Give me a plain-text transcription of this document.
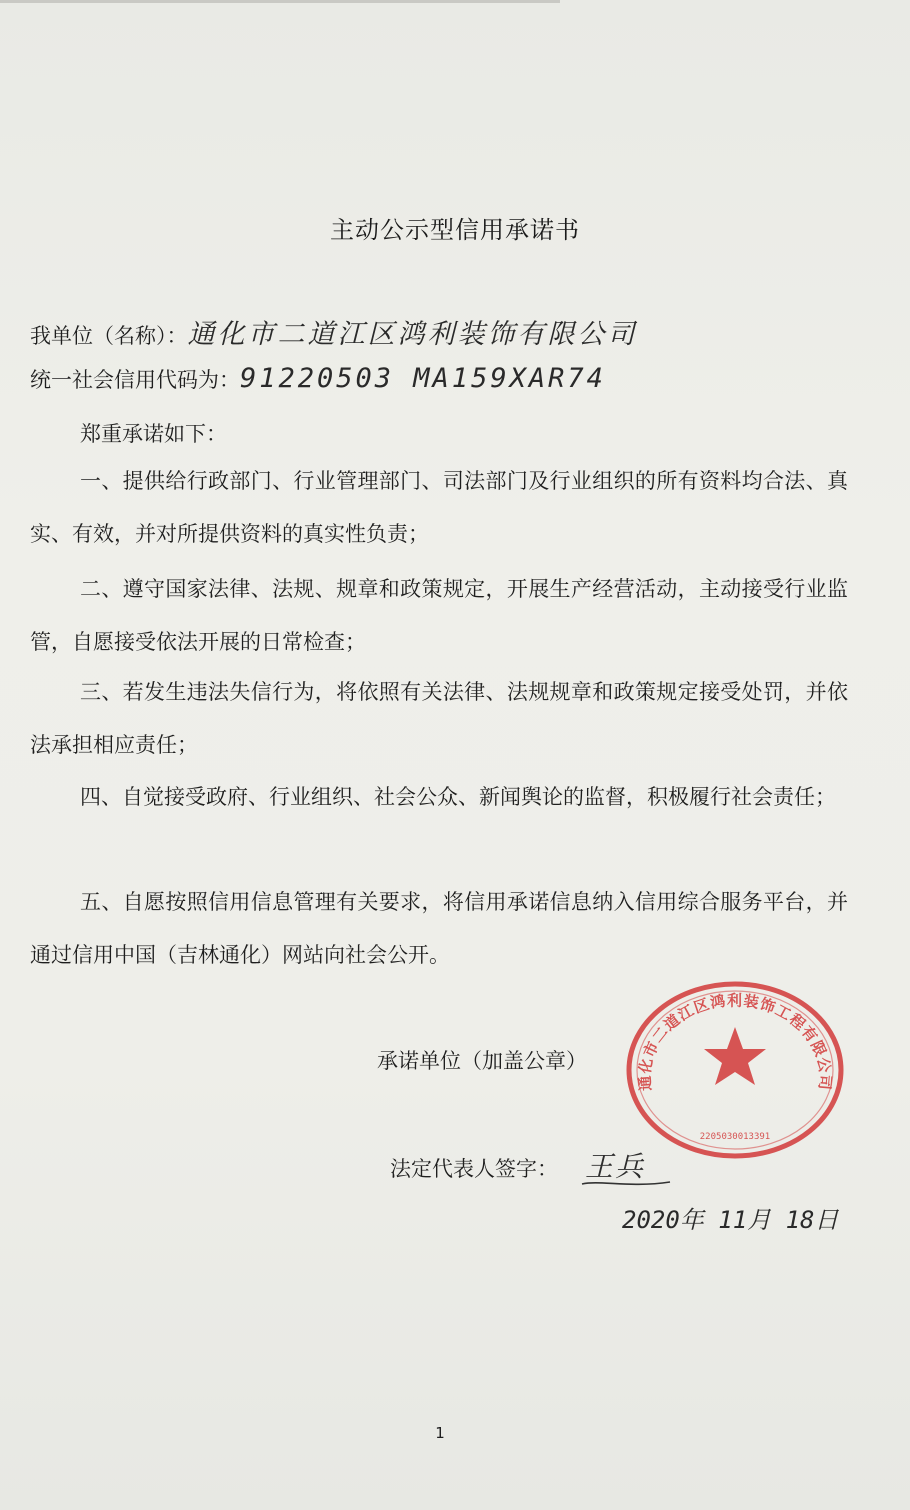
主动公示型信用承诺书
我单位（名称）：通化市二道江区鸿利装饰有限公司
统一社会信用代码为：91220503 MA159XAR74
郑重承诺如下：
一、提供给行政部门、行业管理部门、司法部门及行业组织的所有资料均合法、真实、有效，并对所提供资料的真实性负责；
二、遵守国家法律、法规、规章和政策规定，开展生产经营活动，主动接受行业监管，自愿接受依法开展的日常检查；
三、若发生违法失信行为，将依照有关法律、法规规章和政策规定接受处罚，并依法承担相应责任；
四、自觉接受政府、行业组织、社会公众、新闻舆论的监督，积极履行社会责任；
五、自愿按照信用信息管理有关要求，将信用承诺信息纳入信用综合服务平台，并通过信用中国（吉林通化）网站向社会公开。
承诺单位（加盖公章）
通化市二道江区鸿利装饰工程有限公司
2205030013391
法定代表人签字： 王兵
2020年 11月 18日
1
